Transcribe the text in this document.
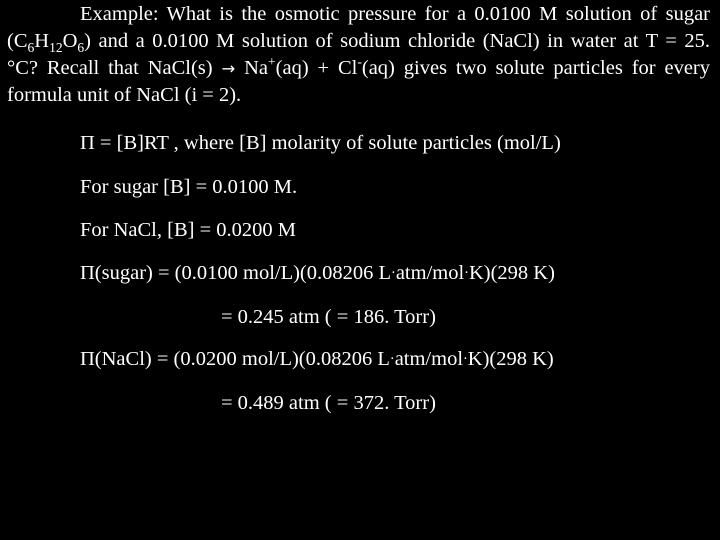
Example: What is the osmotic pressure for a 0.0100 M solution of sugar $(C_6H_{12}O_6)$ and a 0.0100 M solution of sodium chloride (NaCl) in water at T = 25. °C? Recall that NaCl(s) → Na+(aq) + Cl-(aq) gives two solute particles for every formula unit of NaCl (i = 2).

Π = [B]RT , where [B] molarity of solute particles (mol/L)

For sugar [B] = 0.0100 M.

For NaCl, [B] = 0.0200 M

Π(sugar) = (0.0100 mol/L)(0.08206 L·atm/mol·K)(298 K)

= 0.245 atm ( = 186. Torr)

Π(NaCl) = (0.0200 mol/L)(0.08206 L·atm/mol·K)(298 K)

= 0.489 atm ( = 372. Torr)
